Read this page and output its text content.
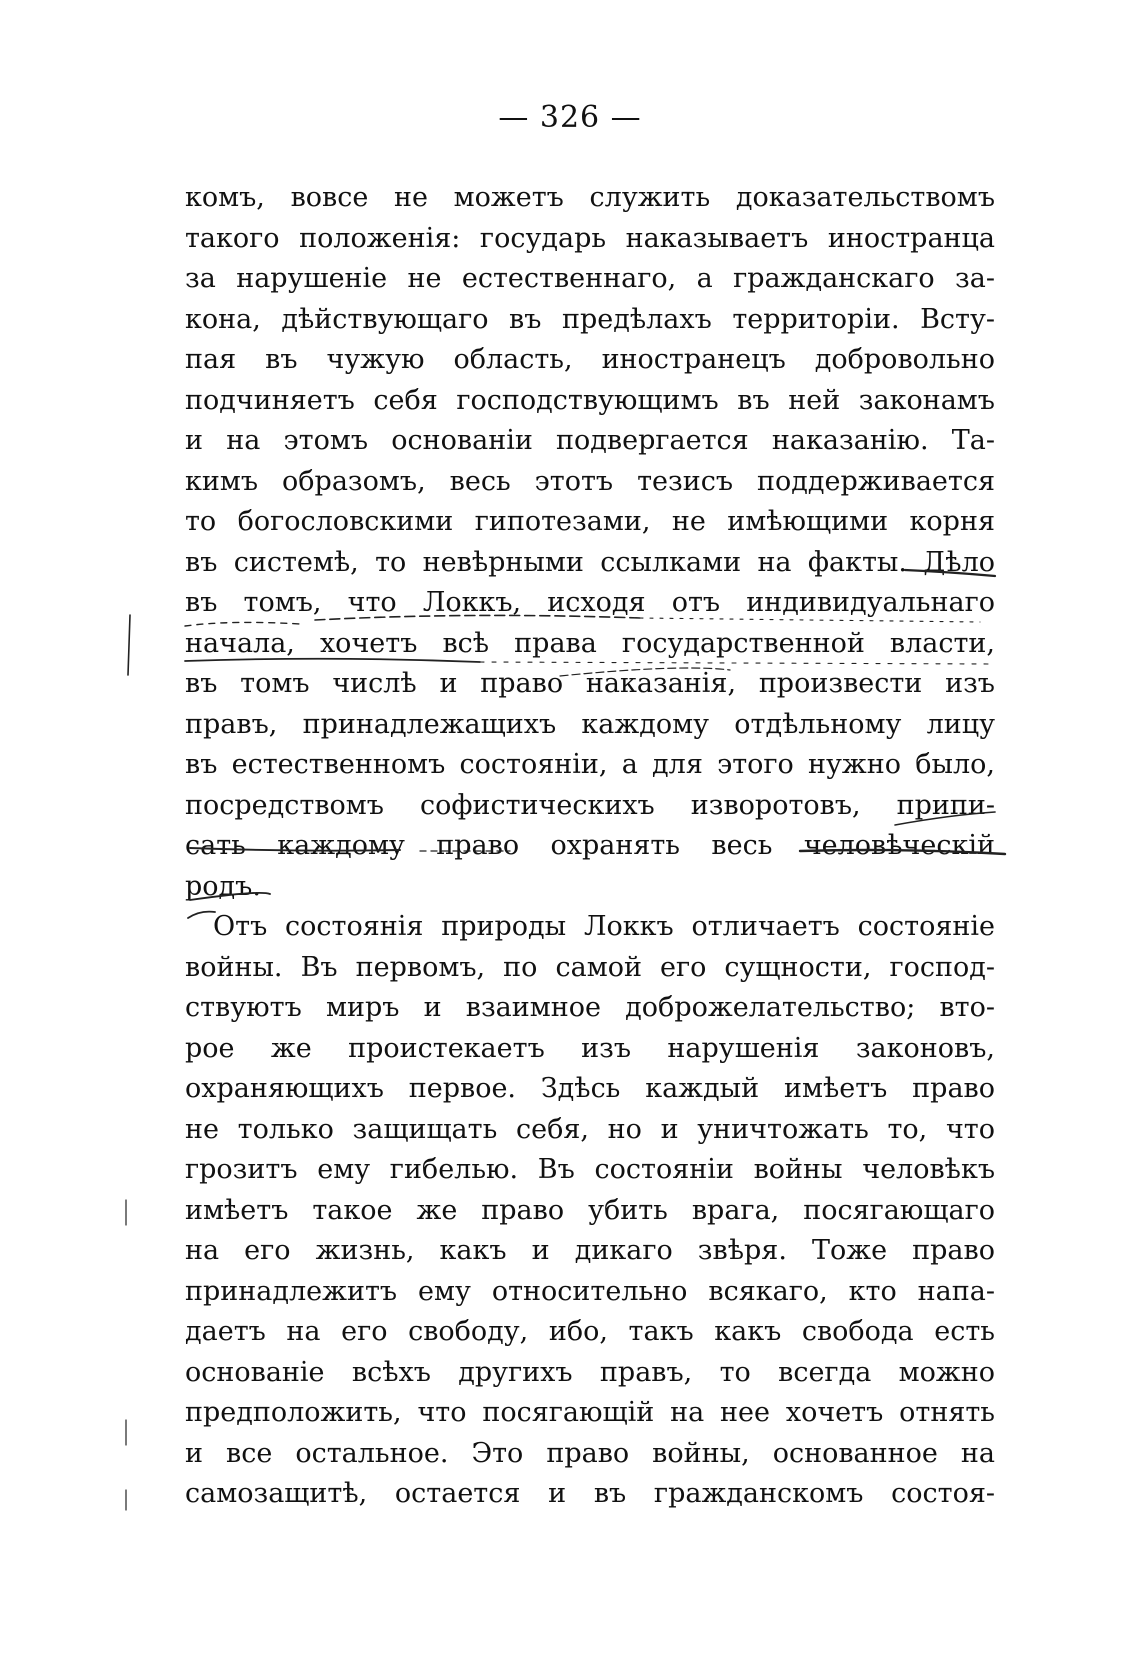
— 326 —
комъ, вовсе не можетъ служить доказательствомъ
такого положенія: государь наказываетъ иностранца
за нарушеніе не естественнаго, а гражданскаго за-
кона, дѣйствующаго въ предѣлахъ территоріи. Всту-
пая въ чужую область, иностранецъ добровольно
подчиняетъ себя господствующимъ въ ней законамъ
и на этомъ основаніи подвергается наказанію. Та-
кимъ образомъ, весь этотъ тезисъ поддерживается
то богословскими гипотезами, не имѣющими корня
въ системѣ, то невѣрными ссылками на факты. Дѣло
въ томъ, что Локкъ, исходя отъ индивидуальнаго
начала, хочетъ всѣ права государственной власти,
въ томъ числѣ и право наказанія, произвести изъ
правъ, принадлежащихъ каждому отдѣльному лицу
въ естественномъ состояніи, а для этого нужно было,
посредствомъ софистическихъ изворотовъ, припи-
сать каждому право охранять весь человѣческій
родъ.
Отъ состоянія природы Локкъ отличаетъ состояніе
войны. Въ первомъ, по самой его сущности, господ-
ствуютъ миръ и взаимное доброжелательство; вто-
рое же проистекаетъ изъ нарушенія законовъ,
охраняющихъ первое. Здѣсь каждый имѣетъ право
не только защищать себя, но и уничтожать то, что
грозитъ ему гибелью. Въ состояніи войны человѣкъ
имѣетъ такое же право убить врага, посягающаго
на его жизнь, какъ и дикаго звѣря. Тоже право
принадлежитъ ему относительно всякаго, кто напа-
даетъ на его свободу, ибо, такъ какъ свобода есть
основаніе всѣхъ другихъ правъ, то всегда можно
предположить, что посягающій на нее хочетъ отнять
и все остальное. Это право войны, основанное на
самозащитѣ, остается и въ гражданскомъ состоя-
